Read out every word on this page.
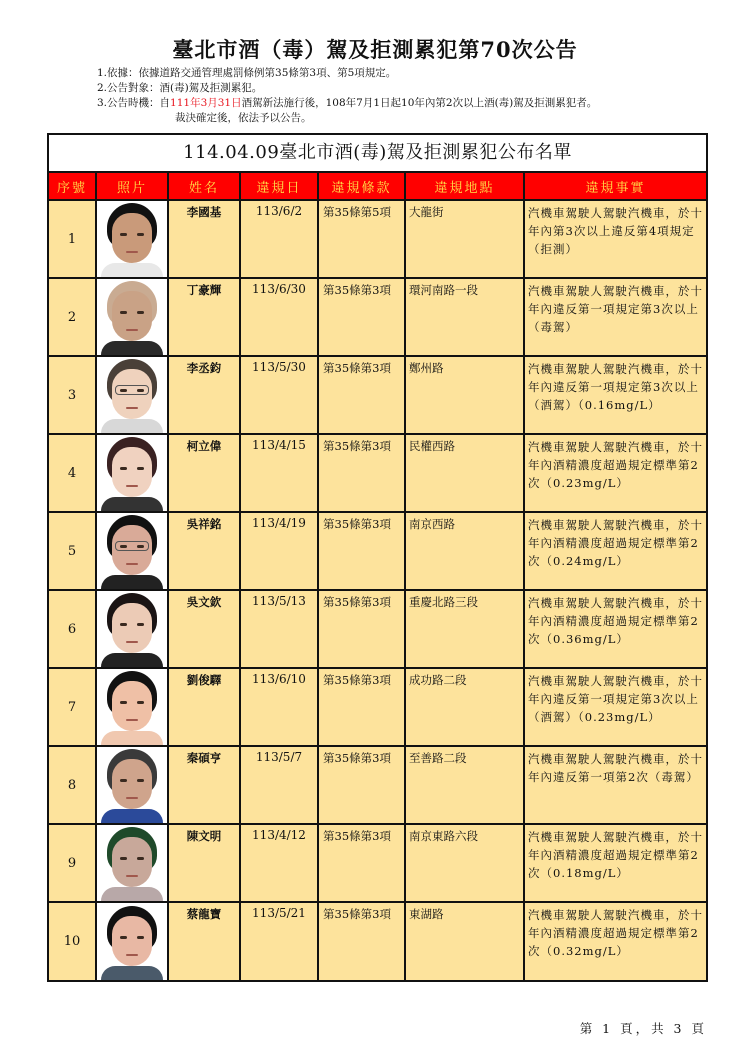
臺北市酒（毒）駕及拒測累犯第70次公告
1.依據：依據道路交通管理處罰條例第35條第3項、第5項規定。
2.公告對象：酒(毒)駕及拒測累犯。
3.公告時機：自111年3月31日酒駕新法施行後，108年7月1日起10年內第2次以上酒(毒)駕及拒測累犯者。
裁決確定後，依法予以公告。
114.04.09臺北市酒(毒)駕及拒測累犯公布名單
序號	照片	姓名	違規日	違規條款	違規地點	違規事實
1		李國基	113/6/2	第35條第5項	大龍街	汽機車駕駛人駕駛汽機車，於十年內第3次以上違反第4項規定（拒測）
2		丁豪輝	113/6/30	第35條第3項	環河南路一段	汽機車駕駛人駕駛汽機車，於十年內違反第一項規定第3次以上（毒駕）
3		李丞鈞	113/5/30	第35條第3項	鄭州路	汽機車駕駛人駕駛汽機車，於十年內違反第一項規定第3次以上（酒駕）（0.16mg/L）
4		柯立偉	113/4/15	第35條第3項	民權西路	汽機車駕駛人駕駛汽機車，於十年內酒精濃度超過規定標準第2次（0.23mg/L）
5		吳祥銘	113/4/19	第35條第3項	南京西路	汽機車駕駛人駕駛汽機車，於十年內酒精濃度超過規定標準第2次（0.24mg/L）
6		吳文欽	113/5/13	第35條第3項	重慶北路三段	汽機車駕駛人駕駛汽機車，於十年內酒精濃度超過規定標準第2次（0.36mg/L）
7		劉俊驛	113/6/10	第35條第3項	成功路二段	汽機車駕駛人駕駛汽機車，於十年內違反第一項規定第3次以上（酒駕）（0.23mg/L）
8		秦碩亨	113/5/7	第35條第3項	至善路二段	汽機車駕駛人駕駛汽機車，於十年內違反第一項第2次（毒駕）
9		陳文明	113/4/12	第35條第3項	南京東路六段	汽機車駕駛人駕駛汽機車，於十年內酒精濃度超過規定標準第2次（0.18mg/L）
10		蔡龍寶	113/5/21	第35條第3項	東湖路	汽機車駕駛人駕駛汽機車，於十年內酒精濃度超過規定標準第2次（0.32mg/L）
第 1 頁，共 3 頁
